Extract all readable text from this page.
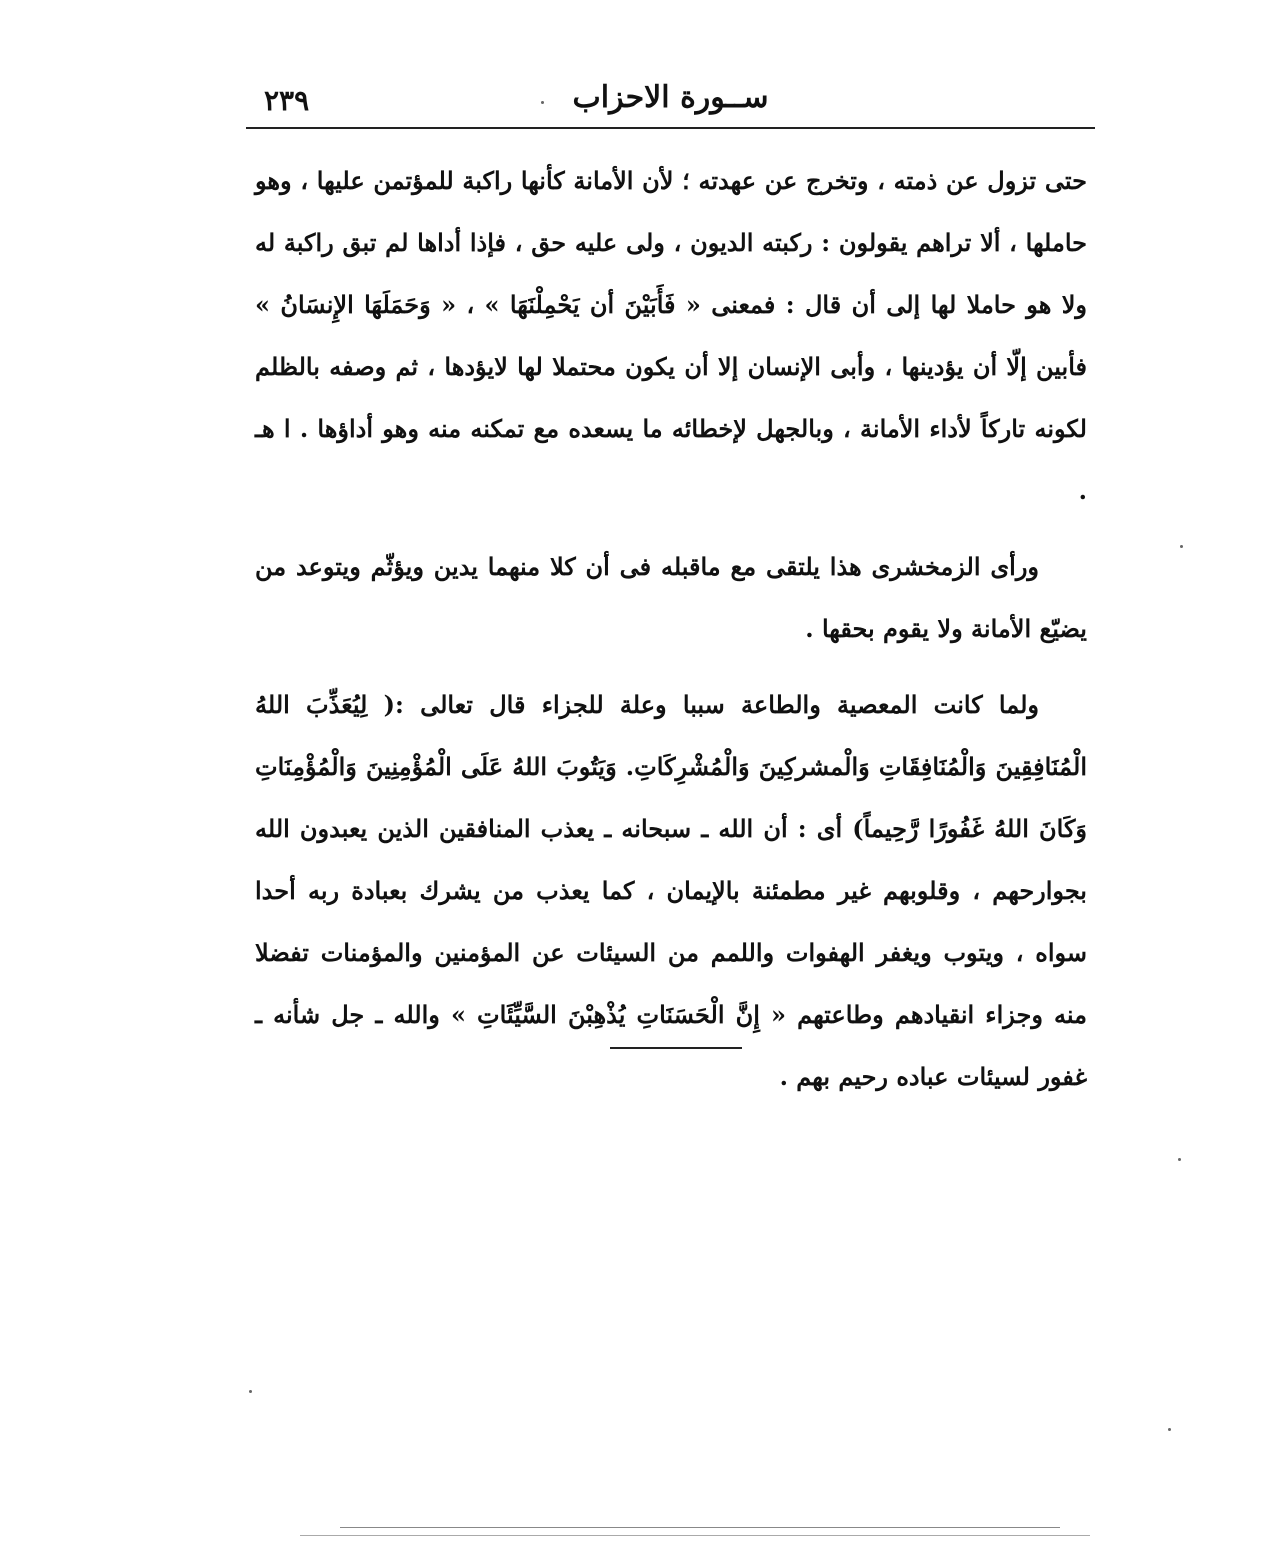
ســورة الاحزاب
٢٣٩

حتى تزول عن ذمته ، وتخرج عن عهدته ؛ لأن الأمانة كأنها راكبة للمؤتمن عليها ، وهو حاملها ، ألا تراهم يقولون : ركبته الديون ، ولى عليه حق ، فإذا أداها لم تبق راكبة له ولا هو حاملا لها إلى أن قال : فمعنى « فَأَبَيْنَ أن يَحْمِلْنَهَا » ، « وَحَمَلَهَا الإِنسَانُ » فأبين إلّا أن يؤدينها ، وأبى الإنسان إلا أن يكون محتملا لها لايؤدها ، ثم وصفه بالظلم لكونه تاركاً لأداء الأمانة ، وبالجهل لإخطائه ما يسعده مع تمكنه منه وهو أداؤها . ا هـ .

ورأى الزمخشرى هذا يلتقى مع ماقبله فى أن كلا منهما يدين ويؤثّم ويتوعد من يضيّع الأمانة ولا يقوم بحقها .

ولما كانت المعصية والطاعة سببا وعلة للجزاء قال تعالى :( لِيُعَذِّبَ اللهُ الْمُنَافِقِينَ وَالْمُنَافِقَاتِ وَالْمشركِينَ وَالْمُشْرِكَاتِ. وَيَتُوبَ اللهُ عَلَى الْمُؤْمِنِينَ وَالْمُؤْمِنَاتِ وَكَانَ اللهُ غَفُورًا رَّحِيماً) أى : أن الله ـ سبحانه ـ يعذب المنافقين الذين يعبدون الله بجوارحهم ، وقلوبهم غير مطمئنة بالإيمان ، كما يعذب من يشرك بعبادة ربه أحدا سواه ، ويتوب ويغفر الهفوات واللمم من السيئات عن المؤمنين والمؤمنات تفضلا منه وجزاء انقيادهم وطاعتهم « إِنَّ الْحَسَنَاتِ يُذْهِبْنَ السَّيِّئَاتِ » والله ـ جل شأنه ـ غفور لسيئات عباده رحيم بهم .
